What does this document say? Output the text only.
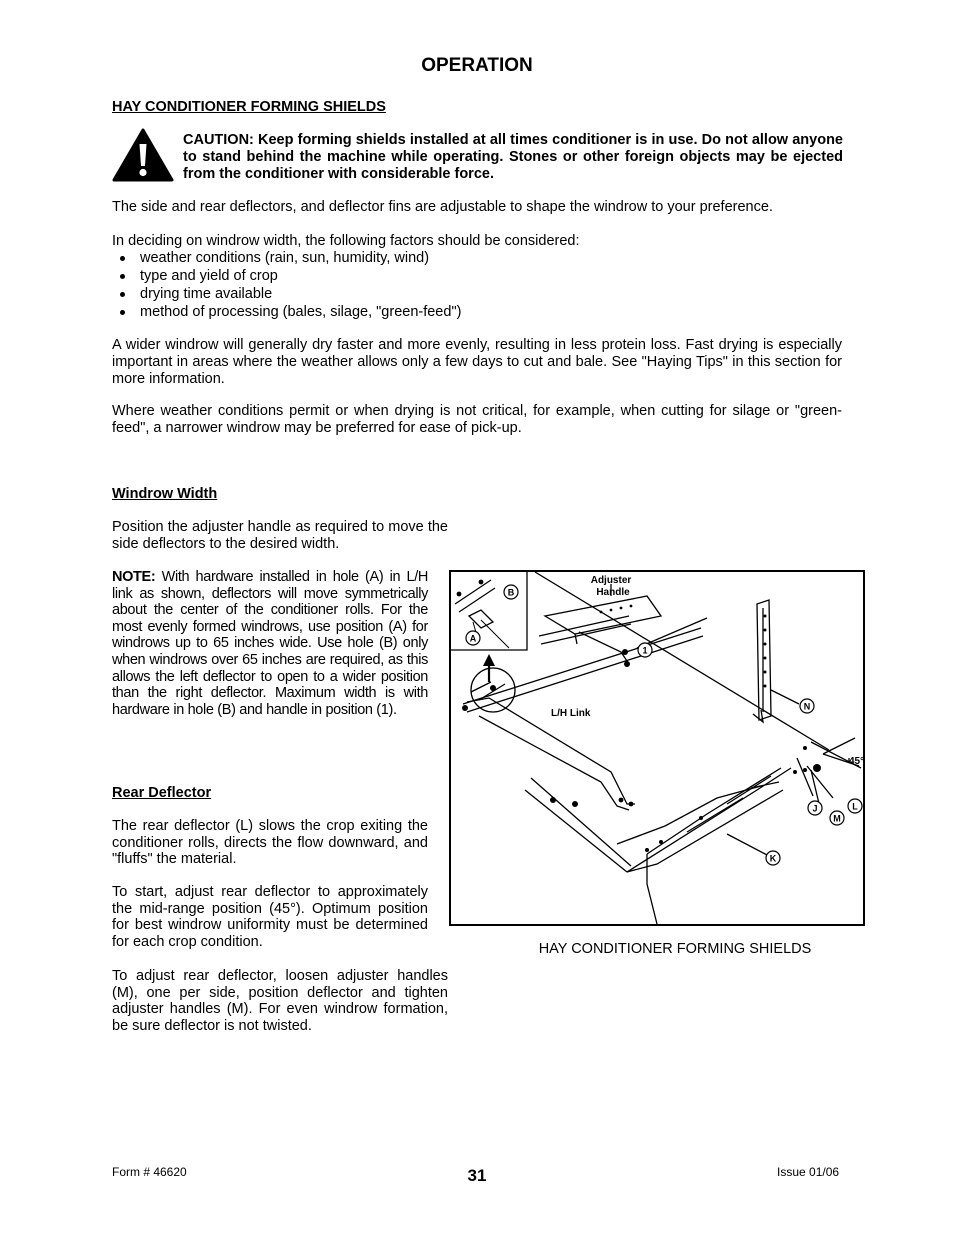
OPERATION
HAY CONDITIONER FORMING SHIELDS
CAUTION: Keep forming shields installed at all times conditioner is in use. Do not allow anyone to stand behind the machine while operating. Stones or other foreign objects may be ejected from the conditioner with considerable force.
The side and rear deflectors, and deflector fins are adjustable to shape the windrow to your preference.
In deciding on windrow width, the following factors should be considered:
weather conditions (rain, sun, humidity, wind)
type and yield of crop
drying time available
method of processing (bales, silage, "green-feed")
A wider windrow will generally dry faster and more evenly, resulting in less protein loss. Fast drying is especially important in areas where the weather allows only a few days to cut and bale. See "Haying Tips" in this section for more information.
Where weather conditions permit or when drying is not critical, for example, when cutting for silage or "green-feed", a narrower windrow may be preferred for ease of pick-up.
Windrow Width
Position the adjuster handle as required to move the side deflectors to the desired width.
NOTE: With hardware installed in hole (A) in L/H link as shown, deflectors will move symmetrically about the center of the conditioner rolls. For the most evenly formed windrows, use position (A) for windrows up to 65 inches wide. Use hole (B) only when windrows over 65 inches are required, as this allows the left deflector to open to a wider position than the right deflector. Maximum width is with hardware in hole (B) and handle in position (1).
Rear Deflector
The rear deflector (L) slows the crop exiting the conditioner rolls, directs the flow downward, and "fluffs" the material.
To start, adjust rear deflector to approximately the mid-range position (45°). Optimum position for best windrow uniformity must be determined for each crop condition.
To adjust rear deflector, loosen adjuster handles (M), one per side, position deflector and tighten adjuster handles (M). For even windrow formation, be sure deflector is not twisted.
B
A
1
N
J	L
M
K
Adjuster
Handle
L/H Link
45°
HAY CONDITIONER FORMING SHIELDS
Form # 46620	31	Issue 01/06
